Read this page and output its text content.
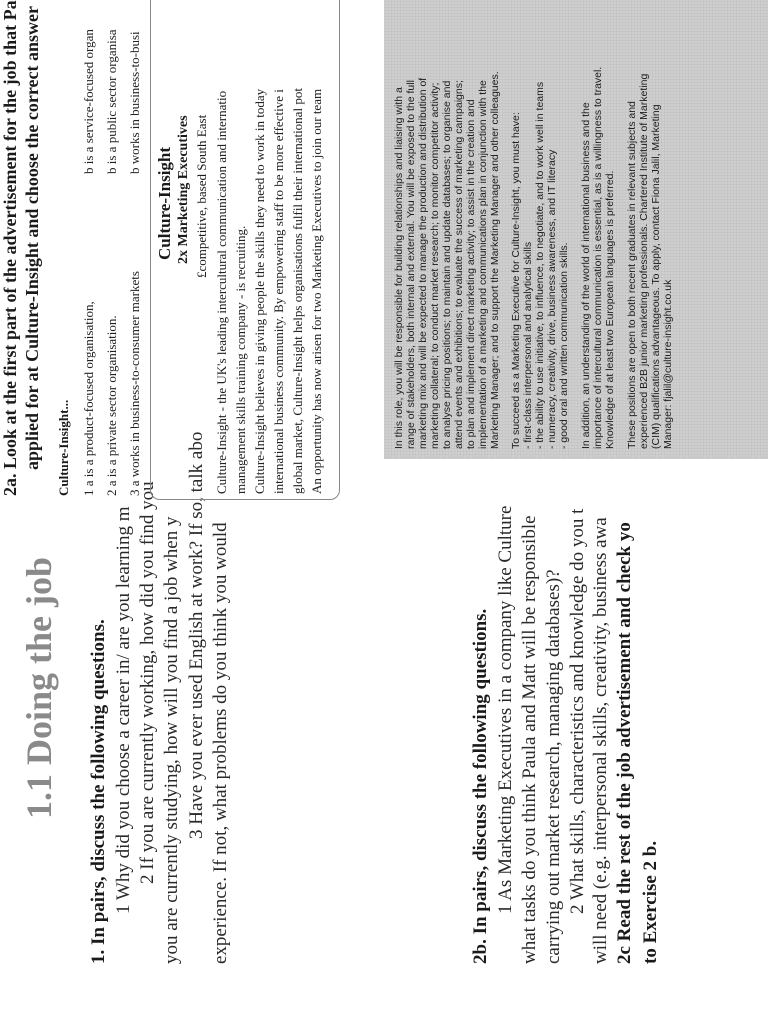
1.1 Doing the job 1. In pairs, discuss the following questions. 1 Why did you choose a career in/ are you learning m 2 If you are currently working, how did you find you you are currently studying, how will you find a job when y 3 Have you ever used English at work? If so, talk abo experience. If not, what problems do you think you would	2b. In pairs, discuss the following questions. 1 As Marketing Executives in a company like Culture what tasks do you think Paula and Matt will be responsible carrying out market research, managing databases)? 2 What skills, characteristics and knowledge do you t will need (e.g. interpersonal skills, creativity, business awa 2c Read the rest of the job advertisement and check yo to Exercise 2 b.
2a. Look at the first part of the advertisement for the job that Pa applied for at Culture-Insight and choose the correct answer Culture-Insight... 1 a is a product-focused organisation,
b is a service-focused organ
2 a is a private sector organisation.
b is a public sector organisa
3 a works in business-to-consumer markets
b works in business-to-busi
Culture-Insight 2x Marketing Executives £competitive, based South East Culture-Insight - the UK's leading intercultural communication and internatio management skills training company - is recruiting. Culture-Insight believes in giving people the skills they need to work in today international business community. By empowering staff to be more effective i global market, Culture-Insight helps organisations fulfil their international pot An opportunity has now arisen for two Marketing Executives to join our team	In this role, you will be responsible for building relationships and liaising with a range of stakeholders, both internal and external. You will be exposed to the full marketing mix and will be expected to manage the production and distribution of marketing collateral; to conduct market research; to monitor competitor activity; to analyse pricing positions; to maintain and update databases; to organise and attend events and exhibitions; to evaluate the success of marketing campaigns; to plan and implement direct marketing activity; to assist in the creation and implementation of a marketing and communications plan in conjunction with the Marketing Manager; and to support the Marketing Manager and other colleagues. To succeed as a Marketing Executive for Culture-Insight, you must have: - first-class interpersonal and analytical skills - the ability to use initiative, to influence, to negotiate, and to work well in teams - numeracy, creativity, drive, business awareness, and IT literacy - good oral and written communication skills. In addition, an understanding of the world of international business and the importance of intercultural communication is essential, as is a willingness to travel. Knowledge of at least two European languages is preferred. These positions are open to both recent graduates in relevant subjects and experienced B2B junior marketing professionals. Chartered Institute of Marketing (CIM) qualifications advantageous. To apply, contact Fiona Jalil, Marketing Manager: fjalil@culture-insight.co.uk
